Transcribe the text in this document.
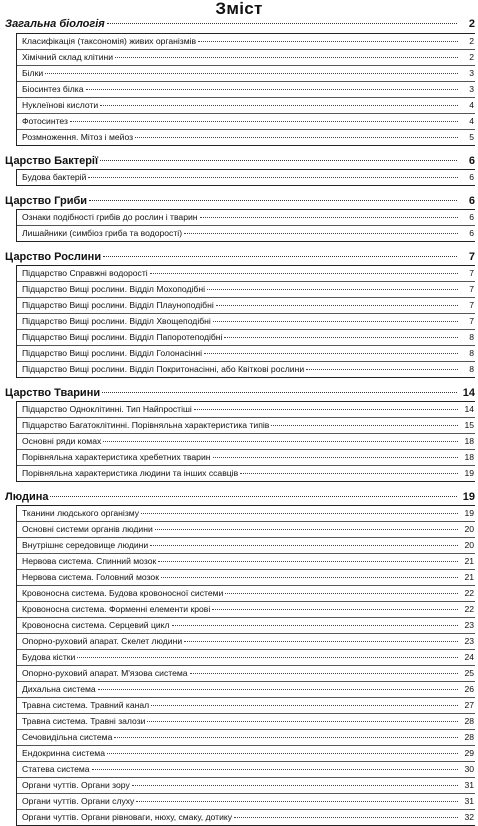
Зміст
Загальна біологія	2
Класифікація (таксономія) живих організмів	2
Хімічний склад клітини	2
Білки	3
Біосинтез білка	3
Нуклеїнові кислоти	4
Фотосинтез	4
Розмноження. Мітоз і мейоз	5
Царство Бактерії	6
Будова бактерій	6
Царство Гриби	6
Ознаки подібності грибів до рослин і тварин	6
Лишайники (симбіоз гриба та водорості)	6
Царство Рослини	7
Підцарство Справжні водорості	7
Підцарство Вищі рослини. Відділ Мохоподібні	7
Підцарство Вищі рослини. Відділ Плауноподібні	7
Підцарство Вищі рослини. Відділ Хвощеподібні	7
Підцарство Вищі рослини. Відділ Папоротеподібні	8
Підцарство Вищі рослини. Відділ Голонасінні	8
Підцарство Вищі рослини. Відділ Покритонасінні, або Квіткові рослини	8
Царство Тварини	14
Підцарство Одноклітинні. Тип Найпростіші	14
Підцарство Багатоклітинні. Порівняльна характеристика типів	15
Основні ряди комах	18
Порівняльна характеристика хребетних тварин	18
Порівняльна характеристика людини та інших ссавців	19
Людина	19
Тканини людського організму	19
Основні системи органів людини	20
Внутрішнє середовище людини	20
Нервова система. Спинний мозок	21
Нервова система. Головний мозок	21
Кровоносна система. Будова кровоносної системи	22
Кровоносна система. Форменні елементи крові	22
Кровоносна система. Серцевий цикл	23
Опорно-руховий апарат. Скелет людини	23
Будова кістки	24
Опорно-руховий апарат. М'язова система	25
Дихальна система	26
Травна система. Травний канал	27
Травна система. Травні залози	28
Сечовидільна система	28
Ендокринна система	29
Статева система	30
Органи чуттів. Органи зору	31
Органи чуттів. Органи слуху	31
Органи чуттів. Органи рівноваги, нюху, смаку, дотику	32
